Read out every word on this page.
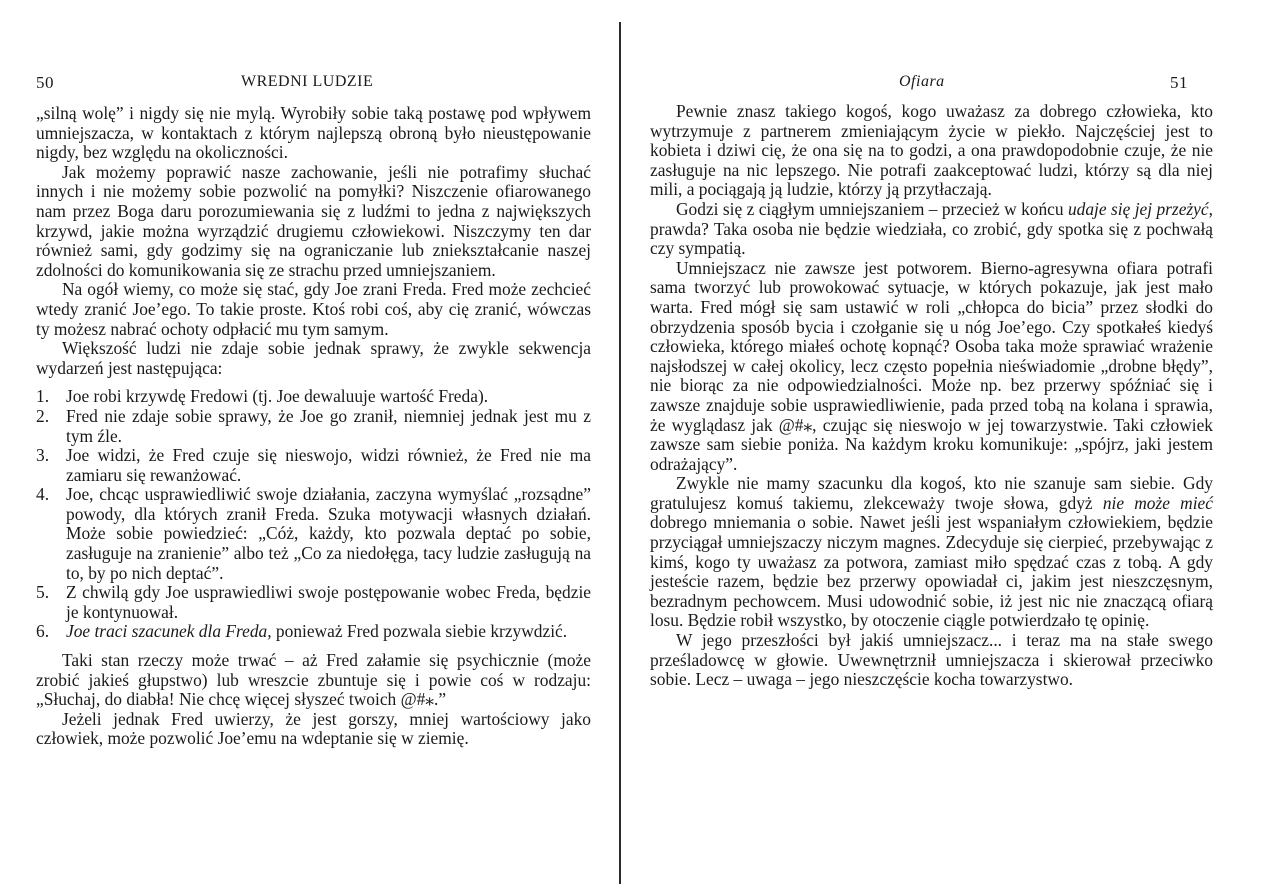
50	WREDNI LUDZIE

„silną wolę” i nigdy się nie mylą. Wyrobiły sobie taką postawę pod wpływem umniejszacza, w kontaktach z którym najlepszą obroną było nieustępowanie nigdy, bez względu na okoliczności.

Jak możemy poprawić nasze zachowanie, jeśli nie potrafimy słuchać innych i nie możemy sobie pozwolić na pomyłki? Niszczenie ofiarowanego nam przez Boga daru porozumiewania się z ludźmi to jedna z największych krzywd, jakie można wyrządzić drugiemu człowiekowi. Niszczymy ten dar również sami, gdy godzimy się na ograniczanie lub zniekształcanie naszej zdolności do komunikowania się ze strachu przed umniejszaniem.

Na ogół wiemy, co może się stać, gdy Joe zrani Freda. Fred może zechcieć wtedy zranić Joe’ego. To takie proste. Ktoś robi coś, aby cię zranić, wówczas ty możesz nabrać ochoty odpłacić mu tym samym.

Większość ludzi nie zdaje sobie jednak sprawy, że zwykle sekwencja wydarzeń jest następująca:

1. Joe robi krzywdę Fredowi (tj. Joe dewaluuje wartość Freda).
2. Fred nie zdaje sobie sprawy, że Joe go zranił, niemniej jednak jest mu z tym źle.
3. Joe widzi, że Fred czuje się nieswojo, widzi również, że Fred nie ma zamiaru się rewanżować.
4. Joe, chcąc usprawiedliwić swoje działania, zaczyna wymyślać „rozsądne” powody, dla których zranił Freda. Szuka motywacji własnych działań. Może sobie powiedzieć: „Cóż, każdy, kto pozwala deptać po sobie, zasługuje na zranienie” albo też „Co za niedołęga, tacy ludzie zasługują na to, by po nich deptać”.
5. Z chwilą gdy Joe usprawiedliwi swoje postępowanie wobec Freda, będzie je kontynuował.
6. Joe traci szacunek dla Freda, ponieważ Fred pozwala siebie krzywdzić.

Taki stan rzeczy może trwać – aż Fred załamie się psychicznie (może zrobić jakieś głupstwo) lub wreszcie zbuntuje się i powie coś w rodzaju: „Słuchaj, do diabła! Nie chcę więcej słyszeć twoich @#⁎.”

Jeżeli jednak Fred uwierzy, że jest gorszy, mniej wartościowy jako człowiek, może pozwolić Joe’emu na wdeptanie się w ziemię.

Ofiara	51

Pewnie znasz takiego kogoś, kogo uważasz za dobrego człowieka, kto wytrzymuje z partnerem zmieniającym życie w piekło. Najczęściej jest to kobieta i dziwi cię, że ona się na to godzi, a ona prawdopodobnie czuje, że nie zasługuje na nic lepszego. Nie potrafi zaakceptować ludzi, którzy są dla niej mili, a pociągają ją ludzie, którzy ją przytłaczają.

Godzi się z ciągłym umniejszaniem – przecież w końcu udaje się jej przeżyć, prawda? Taka osoba nie będzie wiedziała, co zrobić, gdy spotka się z pochwałą czy sympatią.

Umniejszacz nie zawsze jest potworem. Bierno-agresywna ofiara potrafi sama tworzyć lub prowokować sytuacje, w których pokazuje, jak jest mało warta. Fred mógł się sam ustawić w roli „chłopca do bicia” przez słodki do obrzydzenia sposób bycia i czołganie się u nóg Joe’ego. Czy spotkałeś kiedyś człowieka, którego miałeś ochotę kopnąć? Osoba taka może sprawiać wrażenie najsłodszej w całej okolicy, lecz często popełnia nieświadomie „drobne błędy”, nie biorąc za nie odpowiedzialności. Może np. bez przerwy spóźniać się i zawsze znajduje sobie usprawiedliwienie, pada przed tobą na kolana i sprawia, że wyglądasz jak @#⁎, czując się nieswojo w jej towarzystwie. Taki człowiek zawsze sam siebie poniża. Na każdym kroku komunikuje: „spójrz, jaki jestem odrażający”.

Zwykle nie mamy szacunku dla kogoś, kto nie szanuje sam siebie. Gdy gratulujesz komuś takiemu, zlekceważy twoje słowa, gdyż nie może mieć dobrego mniemania o sobie. Nawet jeśli jest wspaniałym człowiekiem, będzie przyciągał umniejszaczy niczym magnes. Zdecyduje się cierpieć, przebywając z kimś, kogo ty uważasz za potwora, zamiast miło spędzać czas z tobą. A gdy jesteście razem, będzie bez przerwy opowiadał ci, jakim jest nieszczęsnym, bezradnym pechowcem. Musi udowodnić sobie, iż jest nic nie znaczącą ofiarą losu. Będzie robił wszystko, by otoczenie ciągle potwierdzało tę opinię.

W jego przeszłości był jakiś umniejszacz... i teraz ma na stałe swego prześladowcę w głowie. Uwewnętrznił umniejszacza i skierował przeciwko sobie. Lecz – uwaga – jego nieszczęście kocha towarzystwo.
